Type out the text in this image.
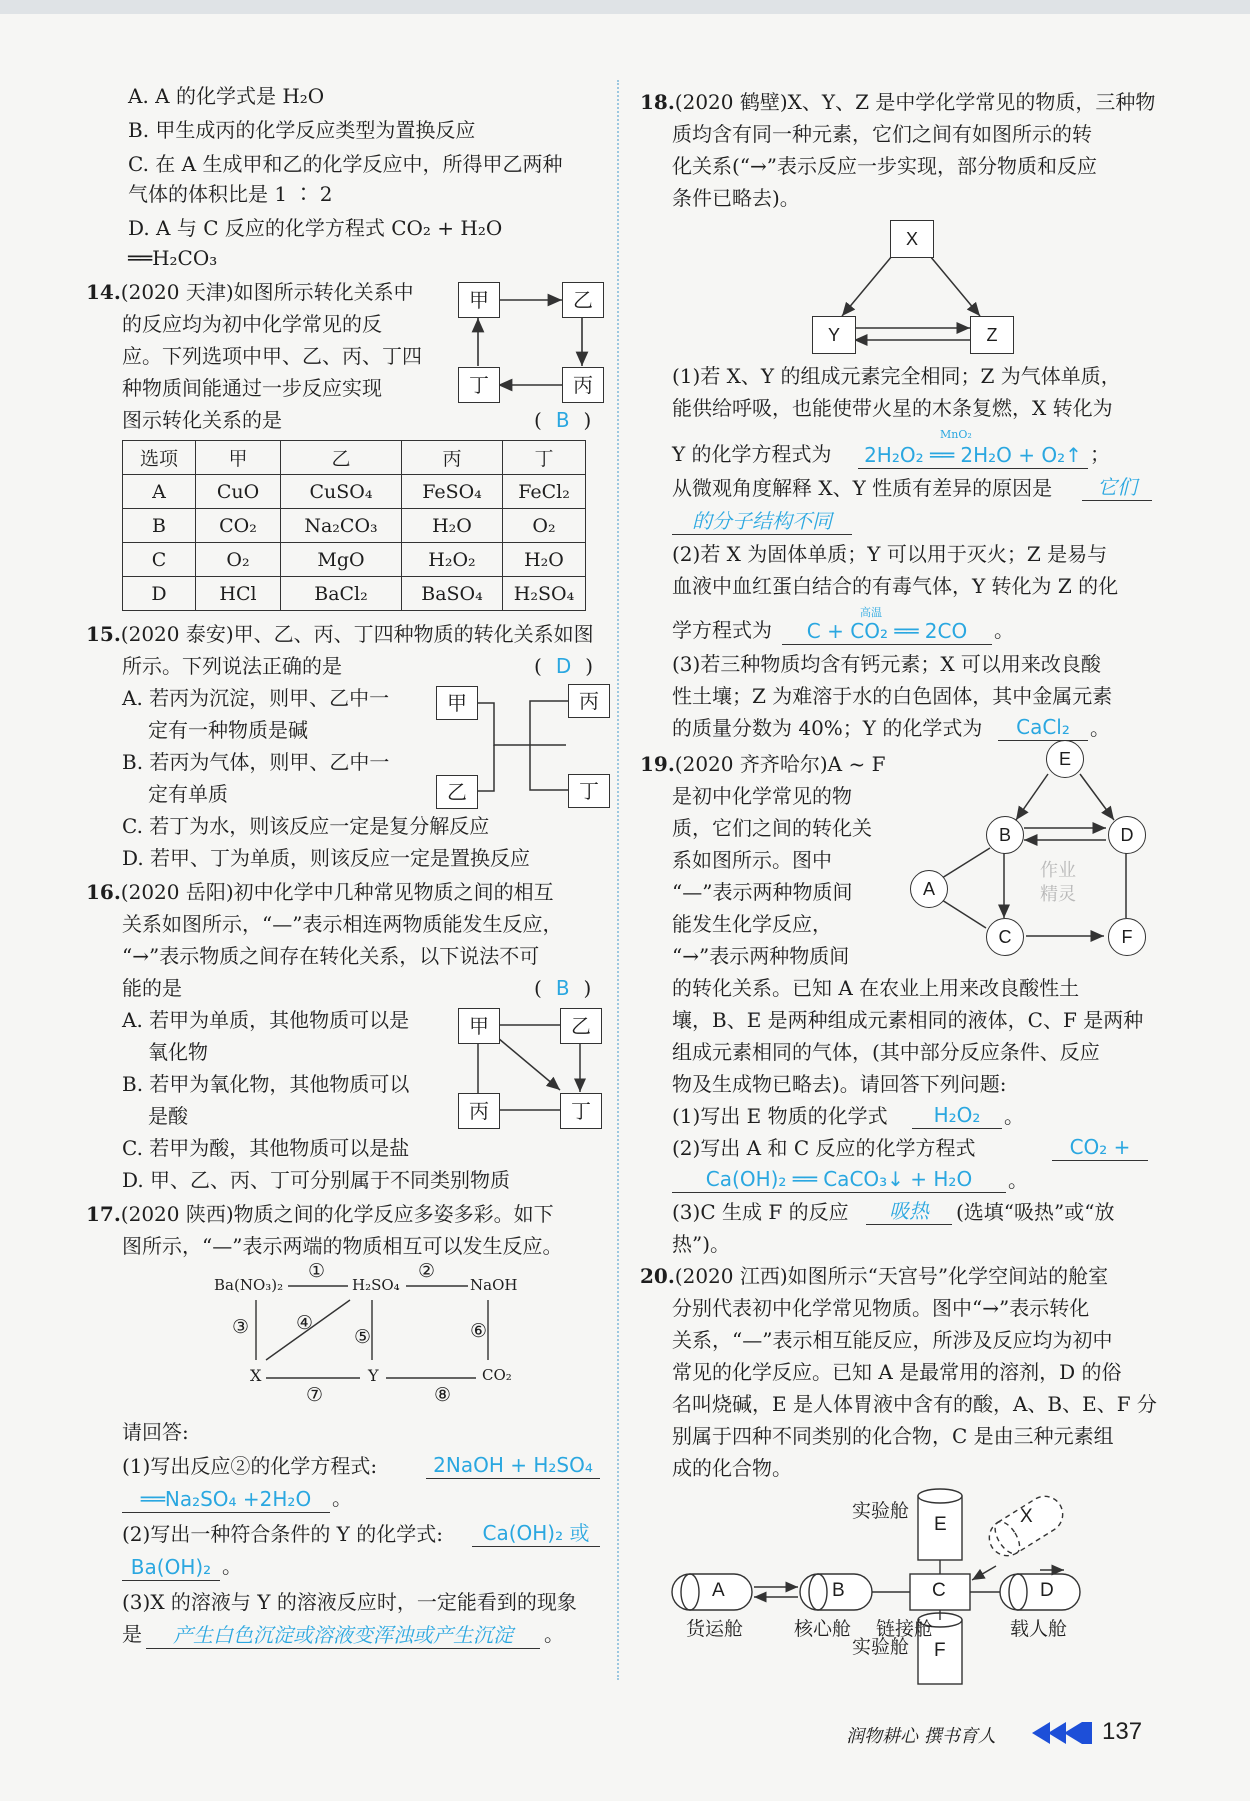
A. A 的化学式是 H₂O
B. 甲生成丙的化学反应类型为置换反应
C. 在 A 生成甲和乙的化学反应中，所得甲乙两种
气体的体积比是 1 ∶ 2
D. A 与 C 反应的化学方程式 CO₂ + H₂O
══H₂CO₃
14.(2020 天津)如图所示转化关系中
的反应均为初中化学常见的反
应。下列选项中甲、乙、丙、丁四
种物质间能通过一步反应实现
图示转化关系的是	( B )
甲	乙
丙
丁
选项	甲	乙	丙	丁
A	CuO	CuSO₄	FeSO₄	FeCl₂
B	CO₂	Na₂CO₃	H₂O	O₂
C	O₂	MgO	H₂O₂	H₂O
D	HCl	BaCl₂	BaSO₄	H₂SO₄
15.(2020 泰安)甲、乙、丙、丁四种物质的转化关系如图
所示。下列说法正确的是	( D )
A. 若丙为沉淀，则甲、乙中一
定有一种物质是碱
B. 若丙为气体，则甲、乙中一
定有单质
C. 若丁为水，则该反应一定是复分解反应
D. 若甲、丁为单质，则该反应一定是置换反应
甲
乙
丙
丁
16.(2020 岳阳)初中化学中几种常见物质之间的相互
关系如图所示，“—”表示相连两物质能发生反应，
“→”表示物质之间存在转化关系，以下说法不可
能的是	( B )
A. 若甲为单质，其他物质可以是
氧化物
B. 若甲为氧化物，其他物质可以
是酸
C. 若甲为酸，其他物质可以是盐
D. 甲、乙、丙、丁可分别属于不同类别物质
甲	乙
丙	丁
17.(2020 陕西)物质之间的化学反应多姿多彩。如下
图所示，“—”表示两端的物质相互可以发生反应。
Ba(NO₃)₂	H₂SO₄	NaOH
X	Y	CO₂
①	②
③ ④
⑤	⑥
⑦	⑧
请回答:
(1)写出反应②的化学方程式:	2NaOH + H₂SO₄
══Na₂SO₄ +2H₂O	。
(2)写出一种符合条件的 Y 的化学式:	Ca(OH)₂ 或
Ba(OH)₂ 。
(3)X 的溶液与 Y 的溶液反应时，一定能看到的现象
是	产生白色沉淀或溶液变浑浊或产生沉淀	。
18.(2020 鹤壁)X、Y、Z 是中学化学常见的物质，三种物
质均含有同一种元素，它们之间有如图所示的转
化关系(“→”表示反应一步实现，部分物质和反应
条件已略去)。
X
Y	Z
(1)若 X、Y 的组成元素完全相同；Z 为气体单质，
能供给呼吸，也能使带火星的木条复燃，X 转化为
Y 的化学方程式为	2H₂O₂ ══ 2H₂O + O₂↑
MnO₂
；
从微观角度解释 X、Y 性质有差异的原因是	它们
的分子结构不同
(2)若 X 为固体单质；Y 可以用于灭火；Z 是易与
血液中血红蛋白结合的有毒气体，Y 转化为 Z 的化
学方程式为	C + CO₂ ══ 2CO
高温
。
(3)若三种物质均含有钙元素；X 可以用来改良酸
性土壤；Z 为难溶于水的白色固体，其中金属元素
的质量分数为 40%；Y 的化学式为	CaCl₂	。
19.(2020 齐齐哈尔)A ~ F
是初中化学常见的物
质，它们之间的转化关
系如图所示。图中
“—”表示两种物质间
能发生化学反应，
“→”表示两种物质间
的转化关系。已知 A 在农业上用来改良酸性土
壤，B、E 是两种组成元素相同的液体，C、F 是两种
组成元素相同的气体，(其中部分反应条件、反应
物及生成物已略去)。请回答下列问题:
E
B	D
A
C	F
作业
精灵
(1)写出 E 物质的化学式	H₂O₂	。
(2)写出 A 和 C 反应的化学方程式	CO₂ +
Ca(OH)₂ ══ CaCO₃↓ + H₂O	。
(3)C 生成 F 的反应	吸热	(选填“吸热”或“放
热”)。
20.(2020 江西)如图所示“天宫号”化学空间站的舱室
分别代表初中化学常见物质。图中“→”表示转化
关系，“—”表示相互能反应，所涉及反应均为初中
常见的化学反应。已知 A 是最常用的溶剂，D 的俗
名叫烧碱，E 是人体胃液中含有的酸，A、B、E、F 分
别属于四种不同类别的化合物，C 是由三种元素组
成的化合物。
E
F
A	B	C	D
X
实验舱
实验舱
货运舱	核心舱 链接舱	载人舱
润物耕心 撰书育人	137
